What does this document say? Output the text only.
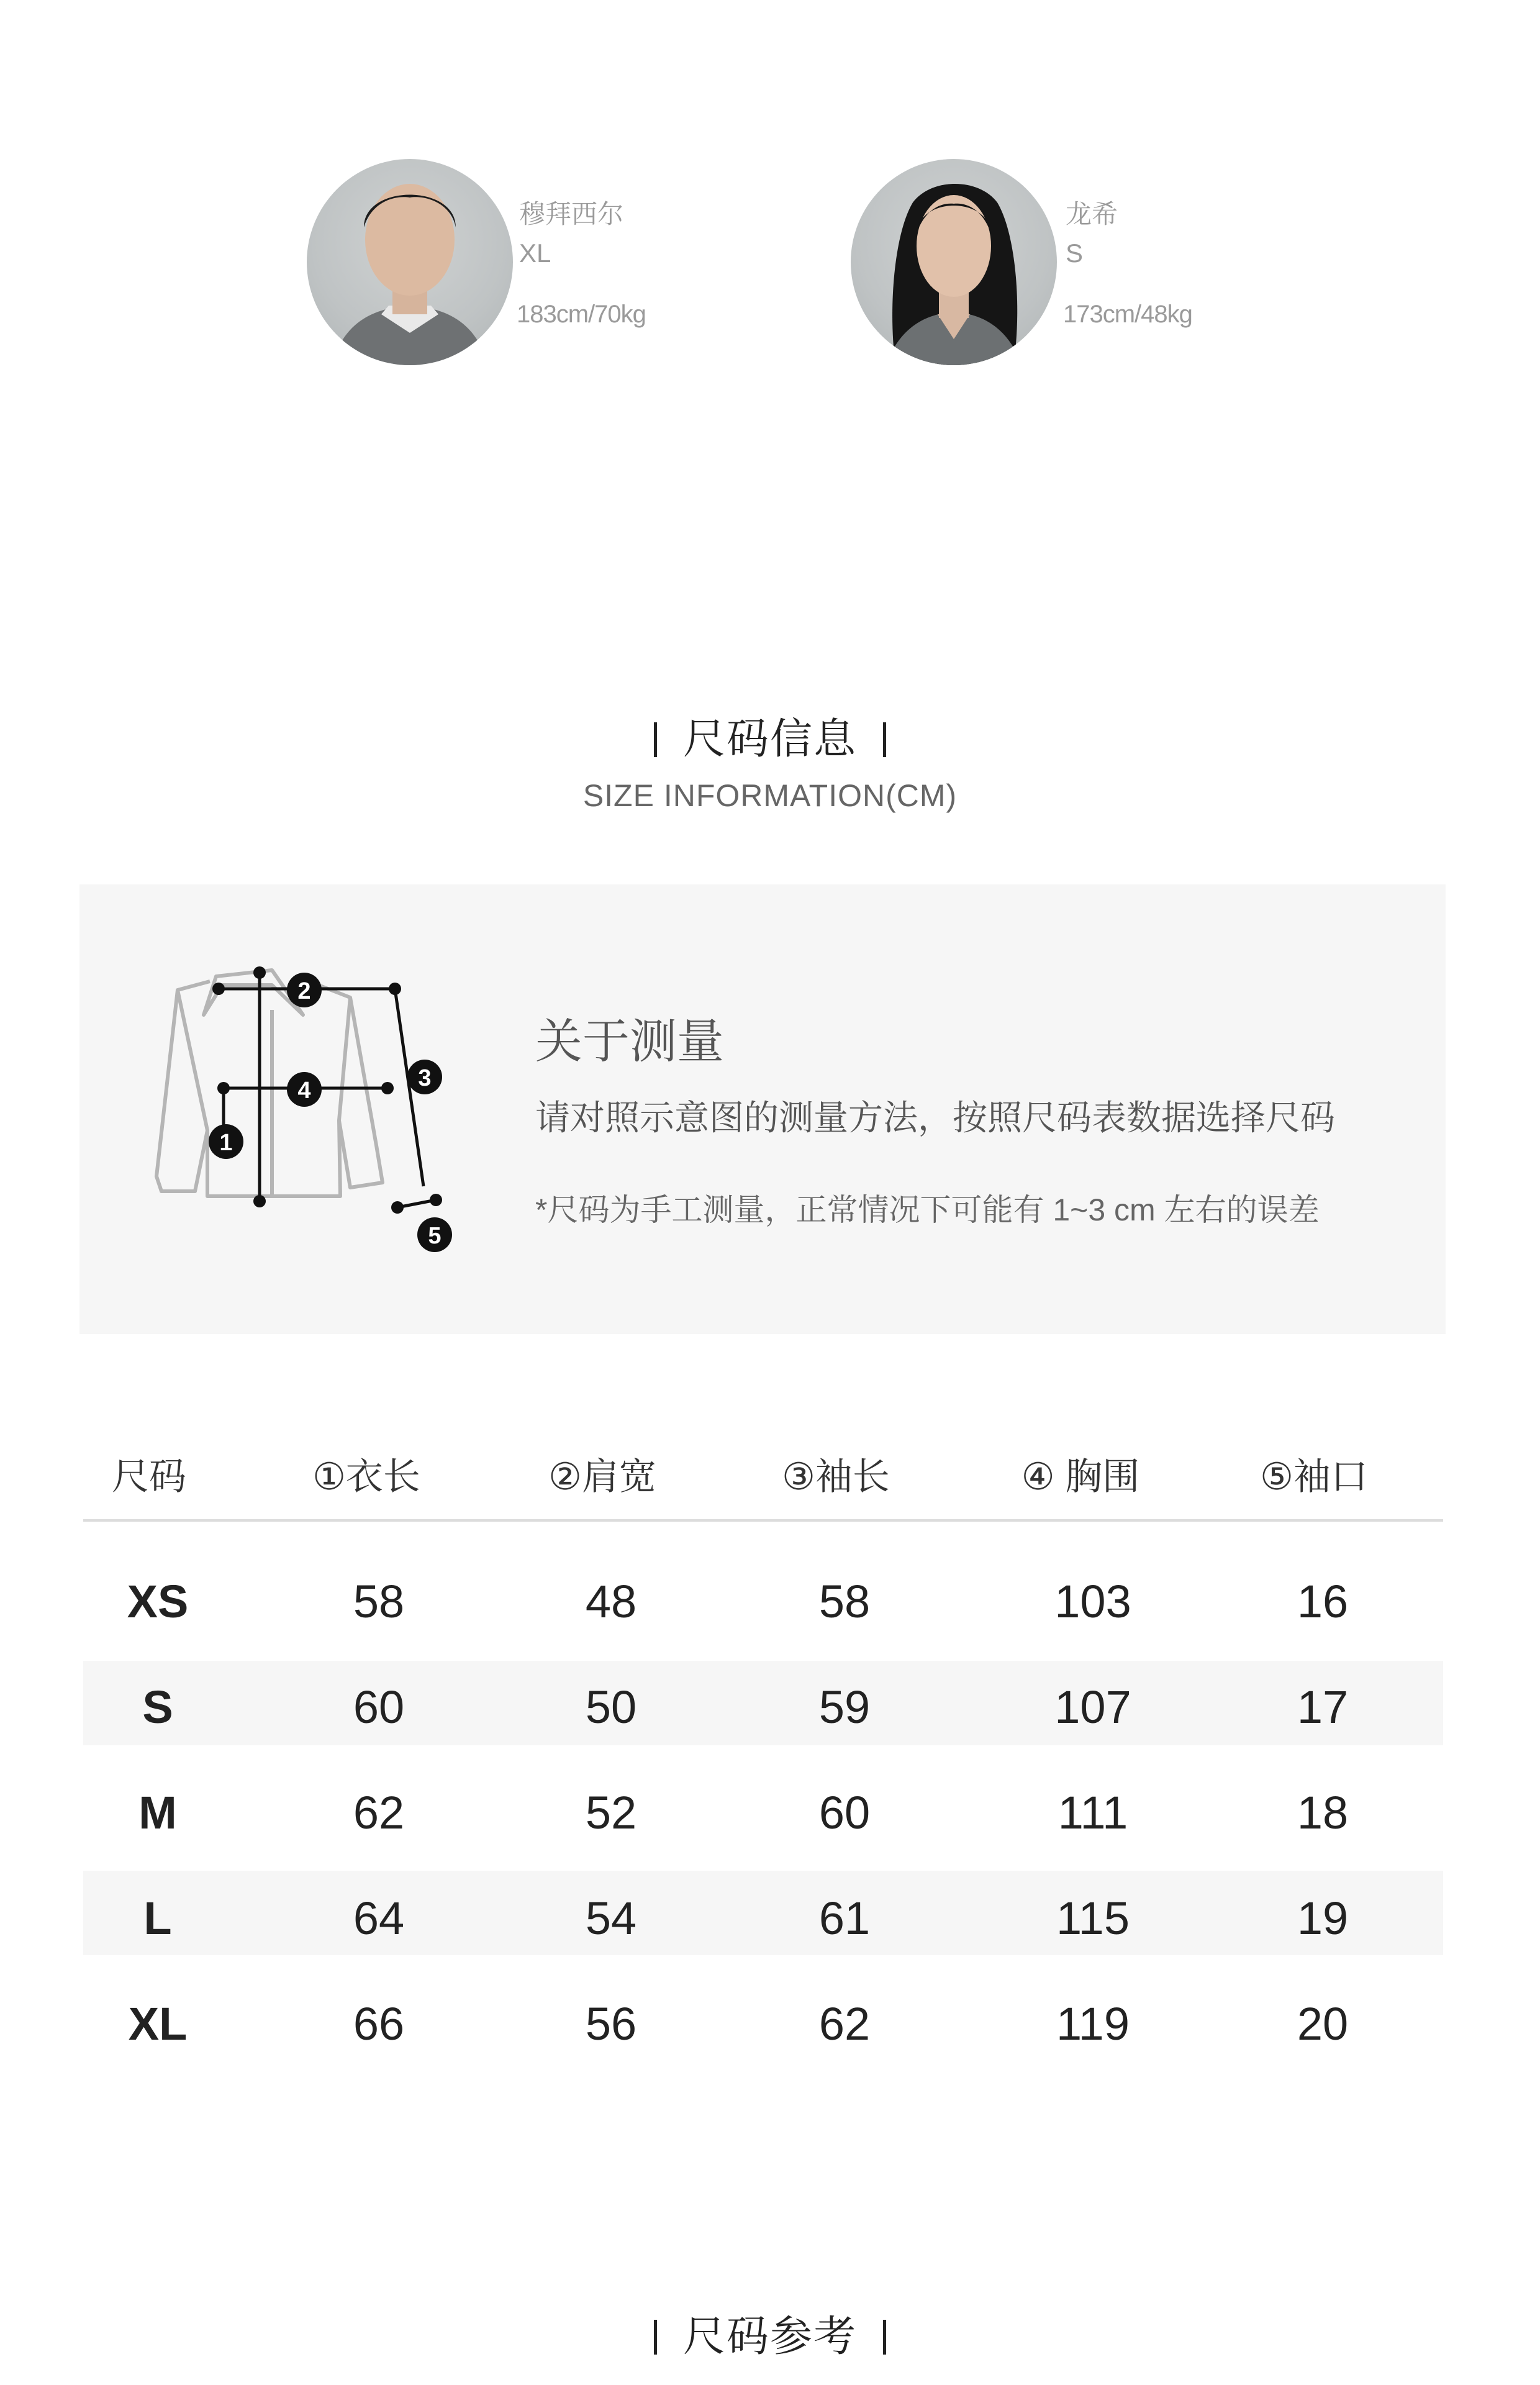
穆拜西尔
XL
183cm/70kg
龙希
S
173cm/48kg
尺码信息
SIZE INFORMATION(CM)
1
2
3
4
5
关于测量
请对照示意图的测量方法，按照尺码表数据选择尺码
*尺码为手工测量，正常情况下可能有 1~3 cm 左右的误差
尺码	①衣长	②肩宽	③袖长	④ 胸围	⑤袖口
XS	58	48	58	103	16
S	60	50	59	107	17
M	62	52	60	111	18
L	64	54	61	115	19
XL	66	56	62	119	20
尺码参考
